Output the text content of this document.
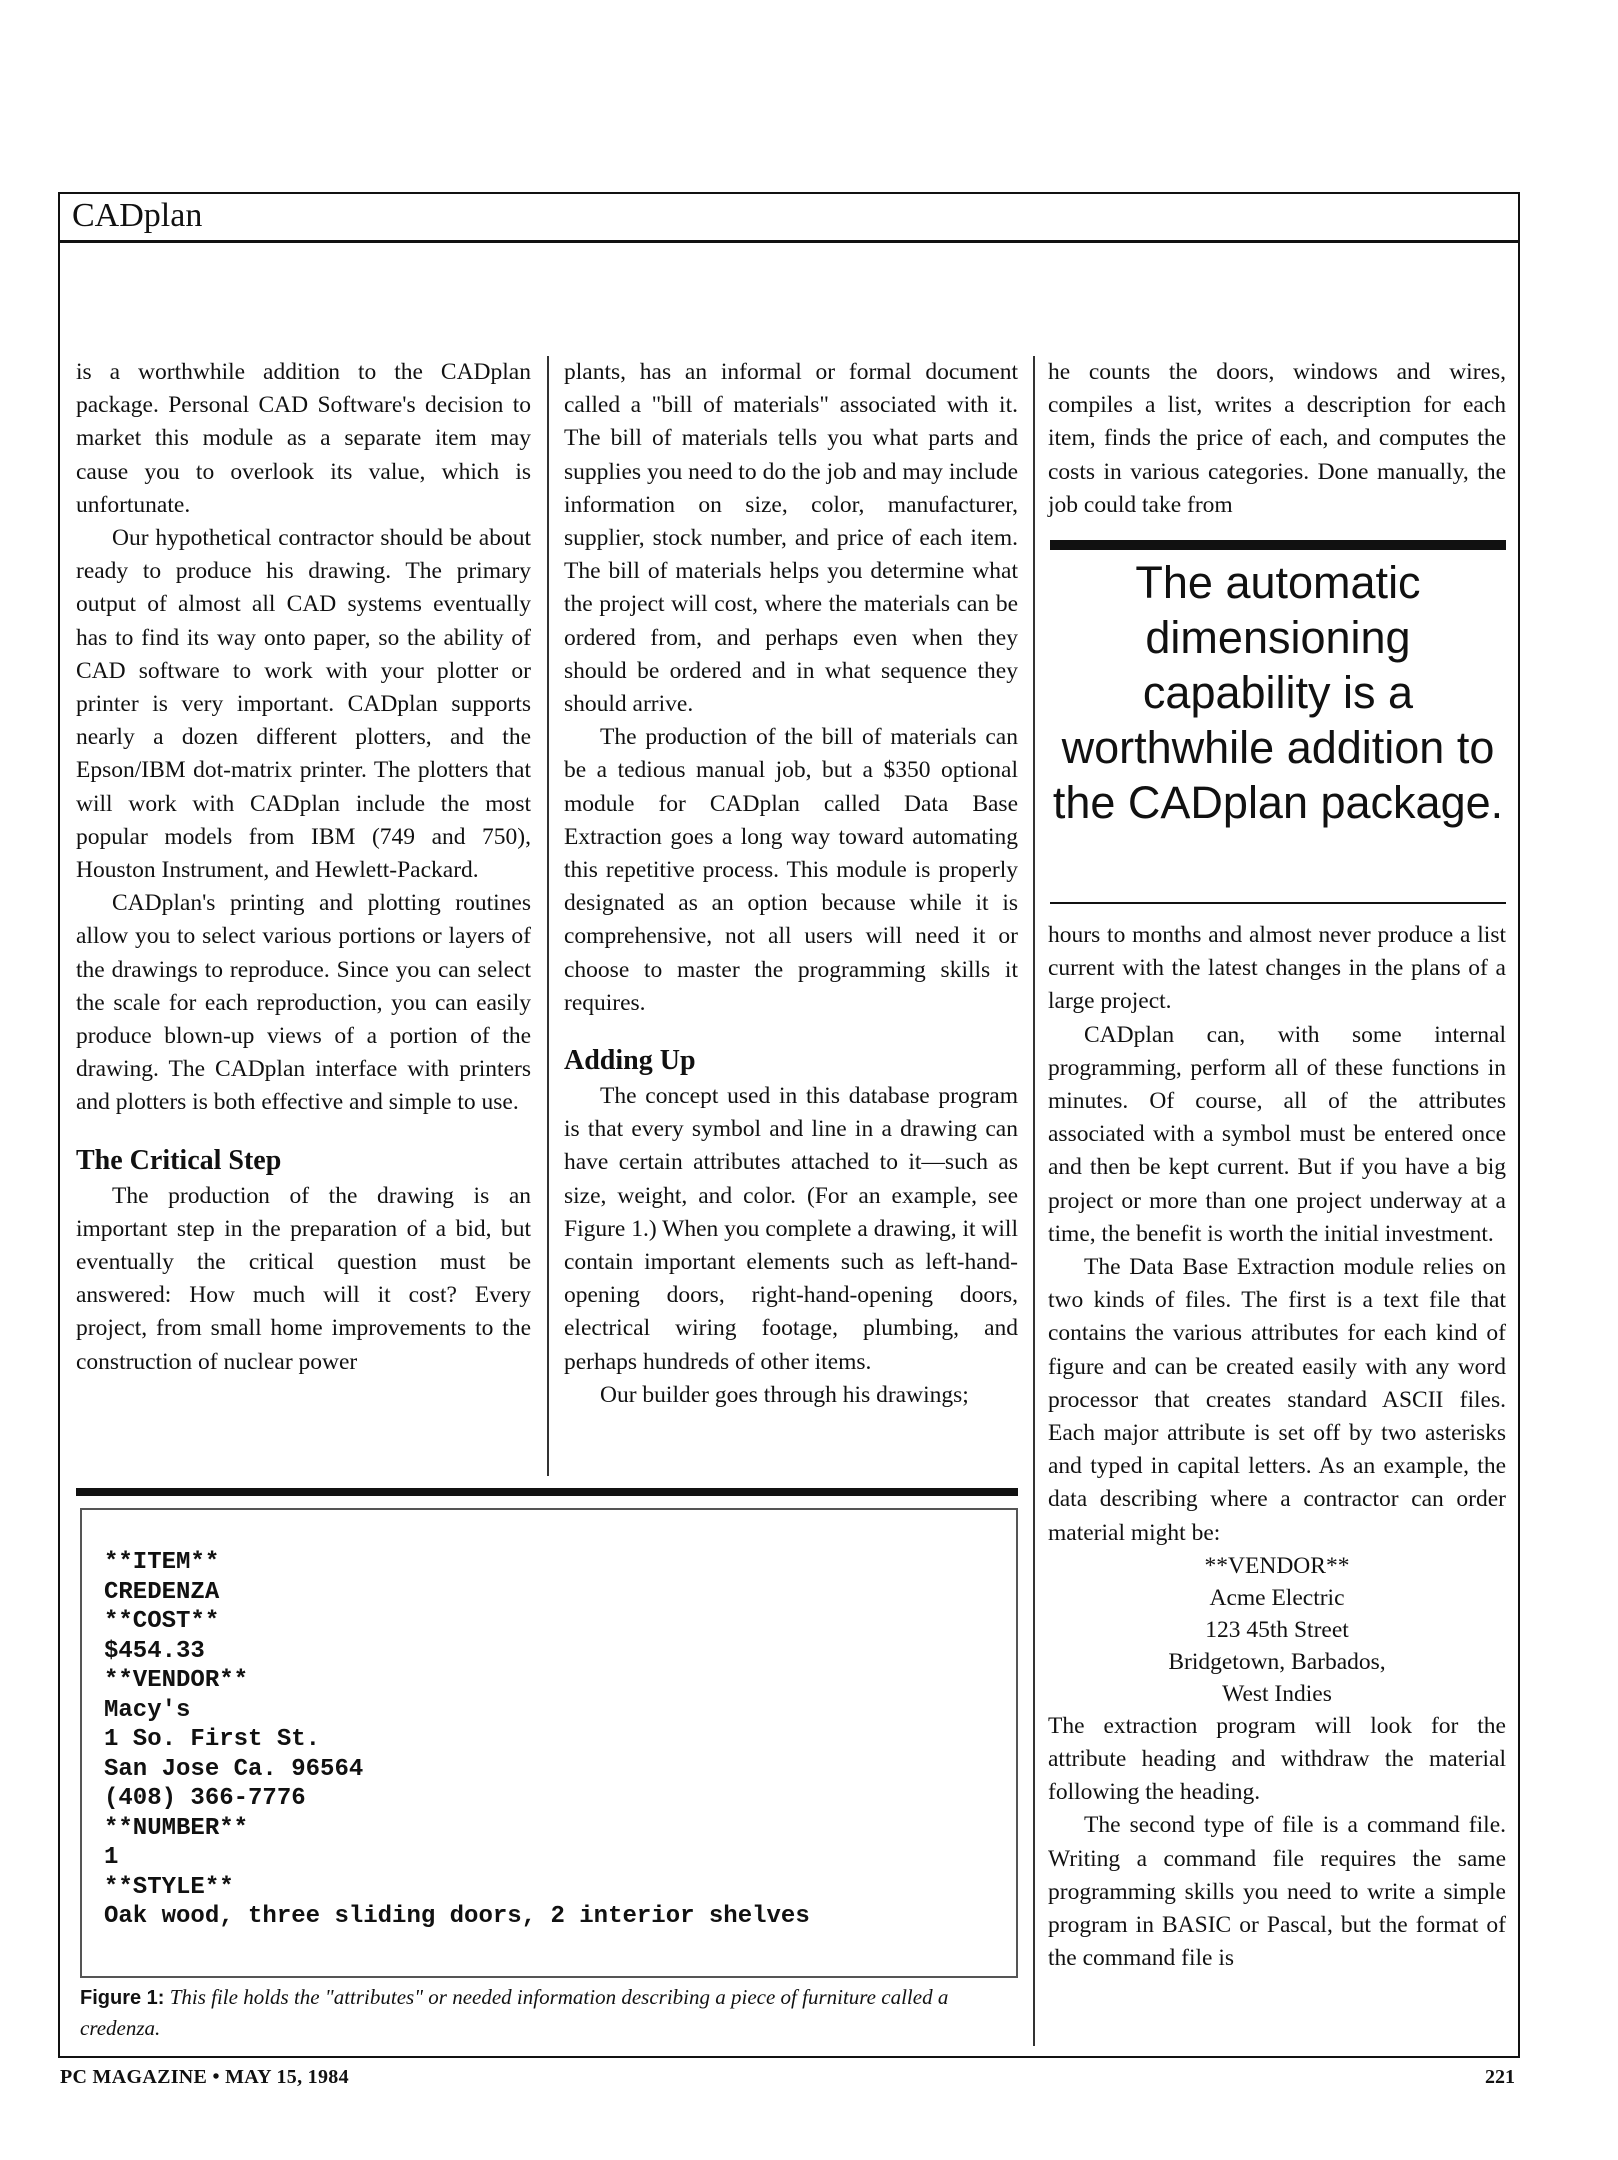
CADplan

is a worthwhile addition to the CADplan package. Personal CAD Software's decision to market this module as a separate item may cause you to overlook its value, which is unfortunate.

Our hypothetical contractor should be about ready to produce his drawing. The primary output of almost all CAD systems eventually has to find its way onto paper, so the ability of CAD software to work with your plotter or printer is very important. CADplan supports nearly a dozen different plotters, and the Epson/IBM dot-matrix printer. The plotters that will work with CADplan include the most popular models from IBM (749 and 750), Houston Instrument, and Hewlett-Packard.

CADplan's printing and plotting routines allow you to select various portions or layers of the drawings to reproduce. Since you can select the scale for each reproduction, you can easily produce blown-up views of a portion of the drawing. The CADplan interface with printers and plotters is both effective and simple to use.

The Critical Step

The production of the drawing is an important step in the preparation of a bid, but eventually the critical question must be answered: How much will it cost? Every project, from small home improvements to the construction of nuclear power

plants, has an informal or formal document called a "bill of materials" associated with it. The bill of materials tells you what parts and supplies you need to do the job and may include information on size, color, manufacturer, supplier, stock number, and price of each item. The bill of materials helps you determine what the project will cost, where the materials can be ordered from, and perhaps even when they should be ordered and in what sequence they should arrive.

The production of the bill of materials can be a tedious manual job, but a $350 optional module for CADplan called Data Base Extraction goes a long way toward automating this repetitive process. This module is properly designated as an option because while it is comprehensive, not all users will need it or choose to master the programming skills it requires.

Adding Up

The concept used in this database program is that every symbol and line in a drawing can have certain attributes attached to it—such as size, weight, and color. (For an example, see Figure 1.) When you complete a drawing, it will contain important elements such as left-hand-opening doors, right-hand-opening doors, electrical wiring footage, plumbing, and perhaps hundreds of other items.

Our builder goes through his drawings;

he counts the doors, windows and wires, compiles a list, writes a description for each item, finds the price of each, and computes the costs in various categories. Done manually, the job could take from

The automatic dimensioning capability is a worthwhile addition to the CADplan package.

hours to months and almost never produce a list current with the latest changes in the plans of a large project.

CADplan can, with some internal programming, perform all of these functions in minutes. Of course, all of the attributes associated with a symbol must be entered once and then be kept current. But if you have a big project or more than one project underway at a time, the benefit is worth the initial investment.

The Data Base Extraction module relies on two kinds of files. The first is a text file that contains the various attributes for each kind of figure and can be created easily with any word processor that creates standard ASCII files. Each major attribute is set off by two asterisks and typed in capital letters. As an example, the data describing where a contractor can order material might be:

**VENDOR**

Acme Electric

123 45th Street

Bridgetown, Barbados,

West Indies

The extraction program will look for the attribute heading and withdraw the material following the heading.

The second type of file is a command file. Writing a command file requires the same programming skills you need to write a simple program in BASIC or Pascal, but the format of the command file is

**ITEM**
CREDENZA
**COST**
$454.33
**VENDOR**
Macy's
1 So. First St.
San Jose Ca. 96564
(408) 366-7776
**NUMBER**
1
**STYLE**
Oak wood, three sliding doors, 2 interior shelves
Figure 1: This file holds the "attributes" or needed information describing a piece of furniture called a credenza.
PC MAGAZINE • MAY 15, 1984	221
